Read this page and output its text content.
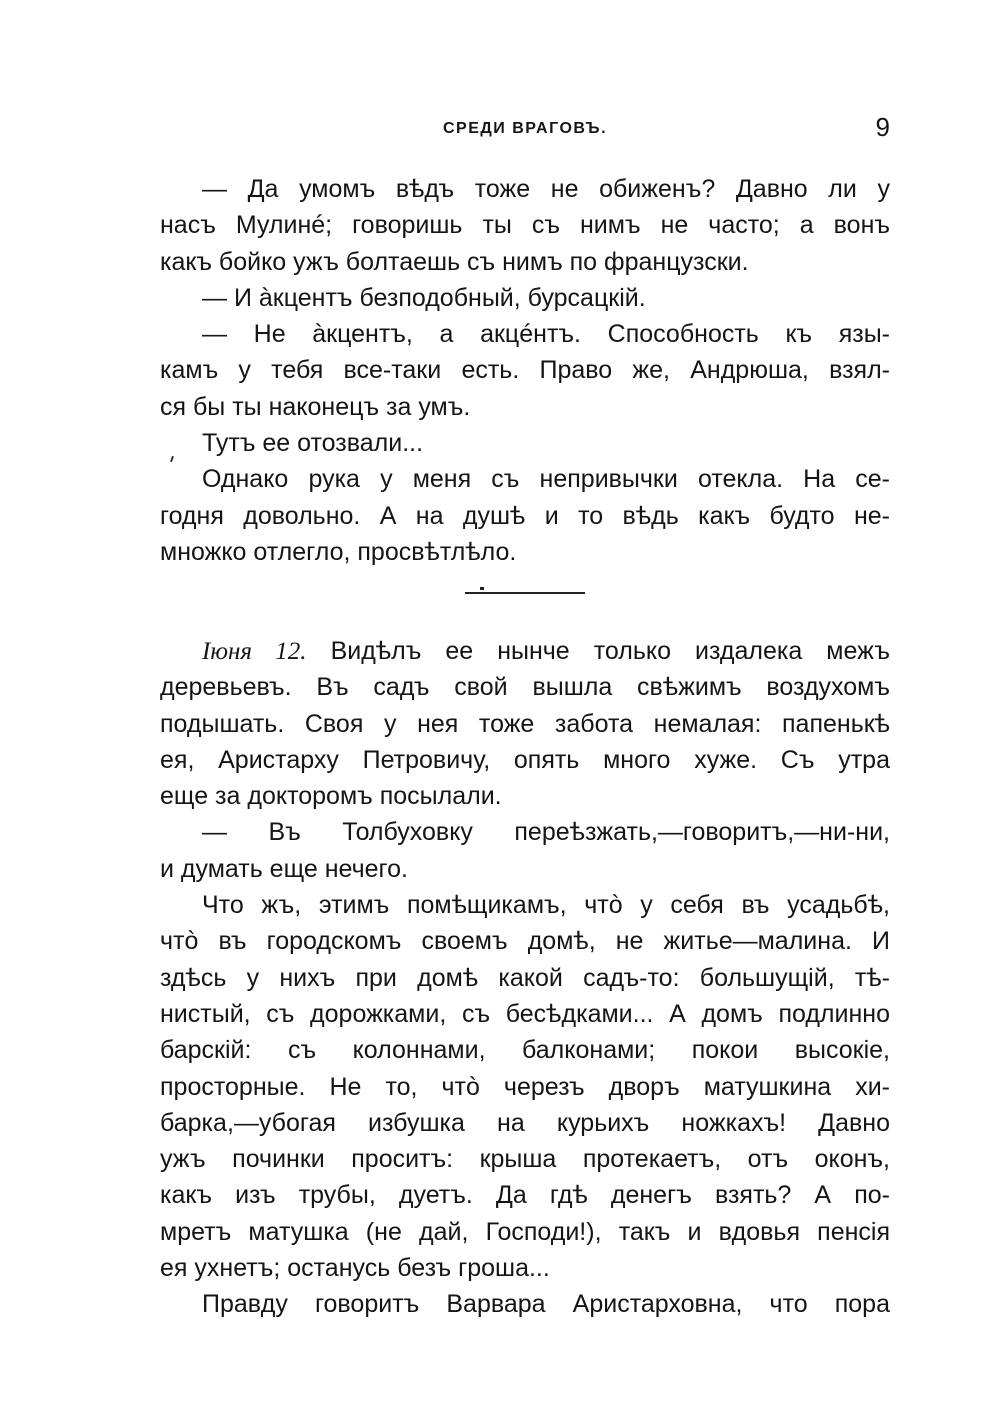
СРЕДИ ВРАГОВЪ.	9
— Да умомъ вѣдъ тоже не обиженъ? Давно ли у
насъ Мулинé; говоришь ты съ нимъ не часто; а вонъ
какъ бойко ужъ болтаешь съ нимъ по французски.
— И àкцентъ безподобный, бурсацкій.
— Не àкцентъ, а акцéнтъ. Способность къ язы-
камъ у тебя все-таки есть. Право же, Андрюша, взял-
ся бы ты наконецъ за умъ.
Тутъ ее отозвали...
Однако рука у меня съ непривычки отекла. На се-
годня довольно. А на душѣ и то вѣдь какъ будто не-
множко отлегло, просвѣтлѣло.
Іюня 12. Видѣлъ ее нынче только издалека межъ
деревьевъ. Въ садъ свой вышла свѣжимъ воздухомъ
подышать. Своя у нея тоже забота немалая: папенькѣ
ея, Аристарху Петровичу, опять много хуже. Съ утра
еще за докторомъ посылали.
— Въ Толбуховку переѣзжать,—говоритъ,—ни-ни,
и думать еще нечего.
Что жъ, этимъ помѣщикамъ, чтò у себя въ усадьбѣ,
чтò въ городскомъ своемъ домѣ, не житье—малина. И
здѣсь у нихъ при домѣ какой садъ-то: большущій, тѣ-
нистый, съ дорожками, съ бесѣдками... А домъ подлинно
барскій: съ колоннами, балконами; покои высокіе,
просторные. Не то, чтò черезъ дворъ матушкина хи-
барка,—убогая избушка на курьихъ ножкахъ! Давно
ужъ починки проситъ: крыша протекаетъ, отъ оконъ,
какъ изъ трубы, дуетъ. Да гдѣ денегъ взять? А по-
мретъ матушка (не дай, Господи!), такъ и вдовья пенсія
ея ухнетъ; останусь безъ гроша...
Правду говоритъ Варвара Аристарховна, что пора
